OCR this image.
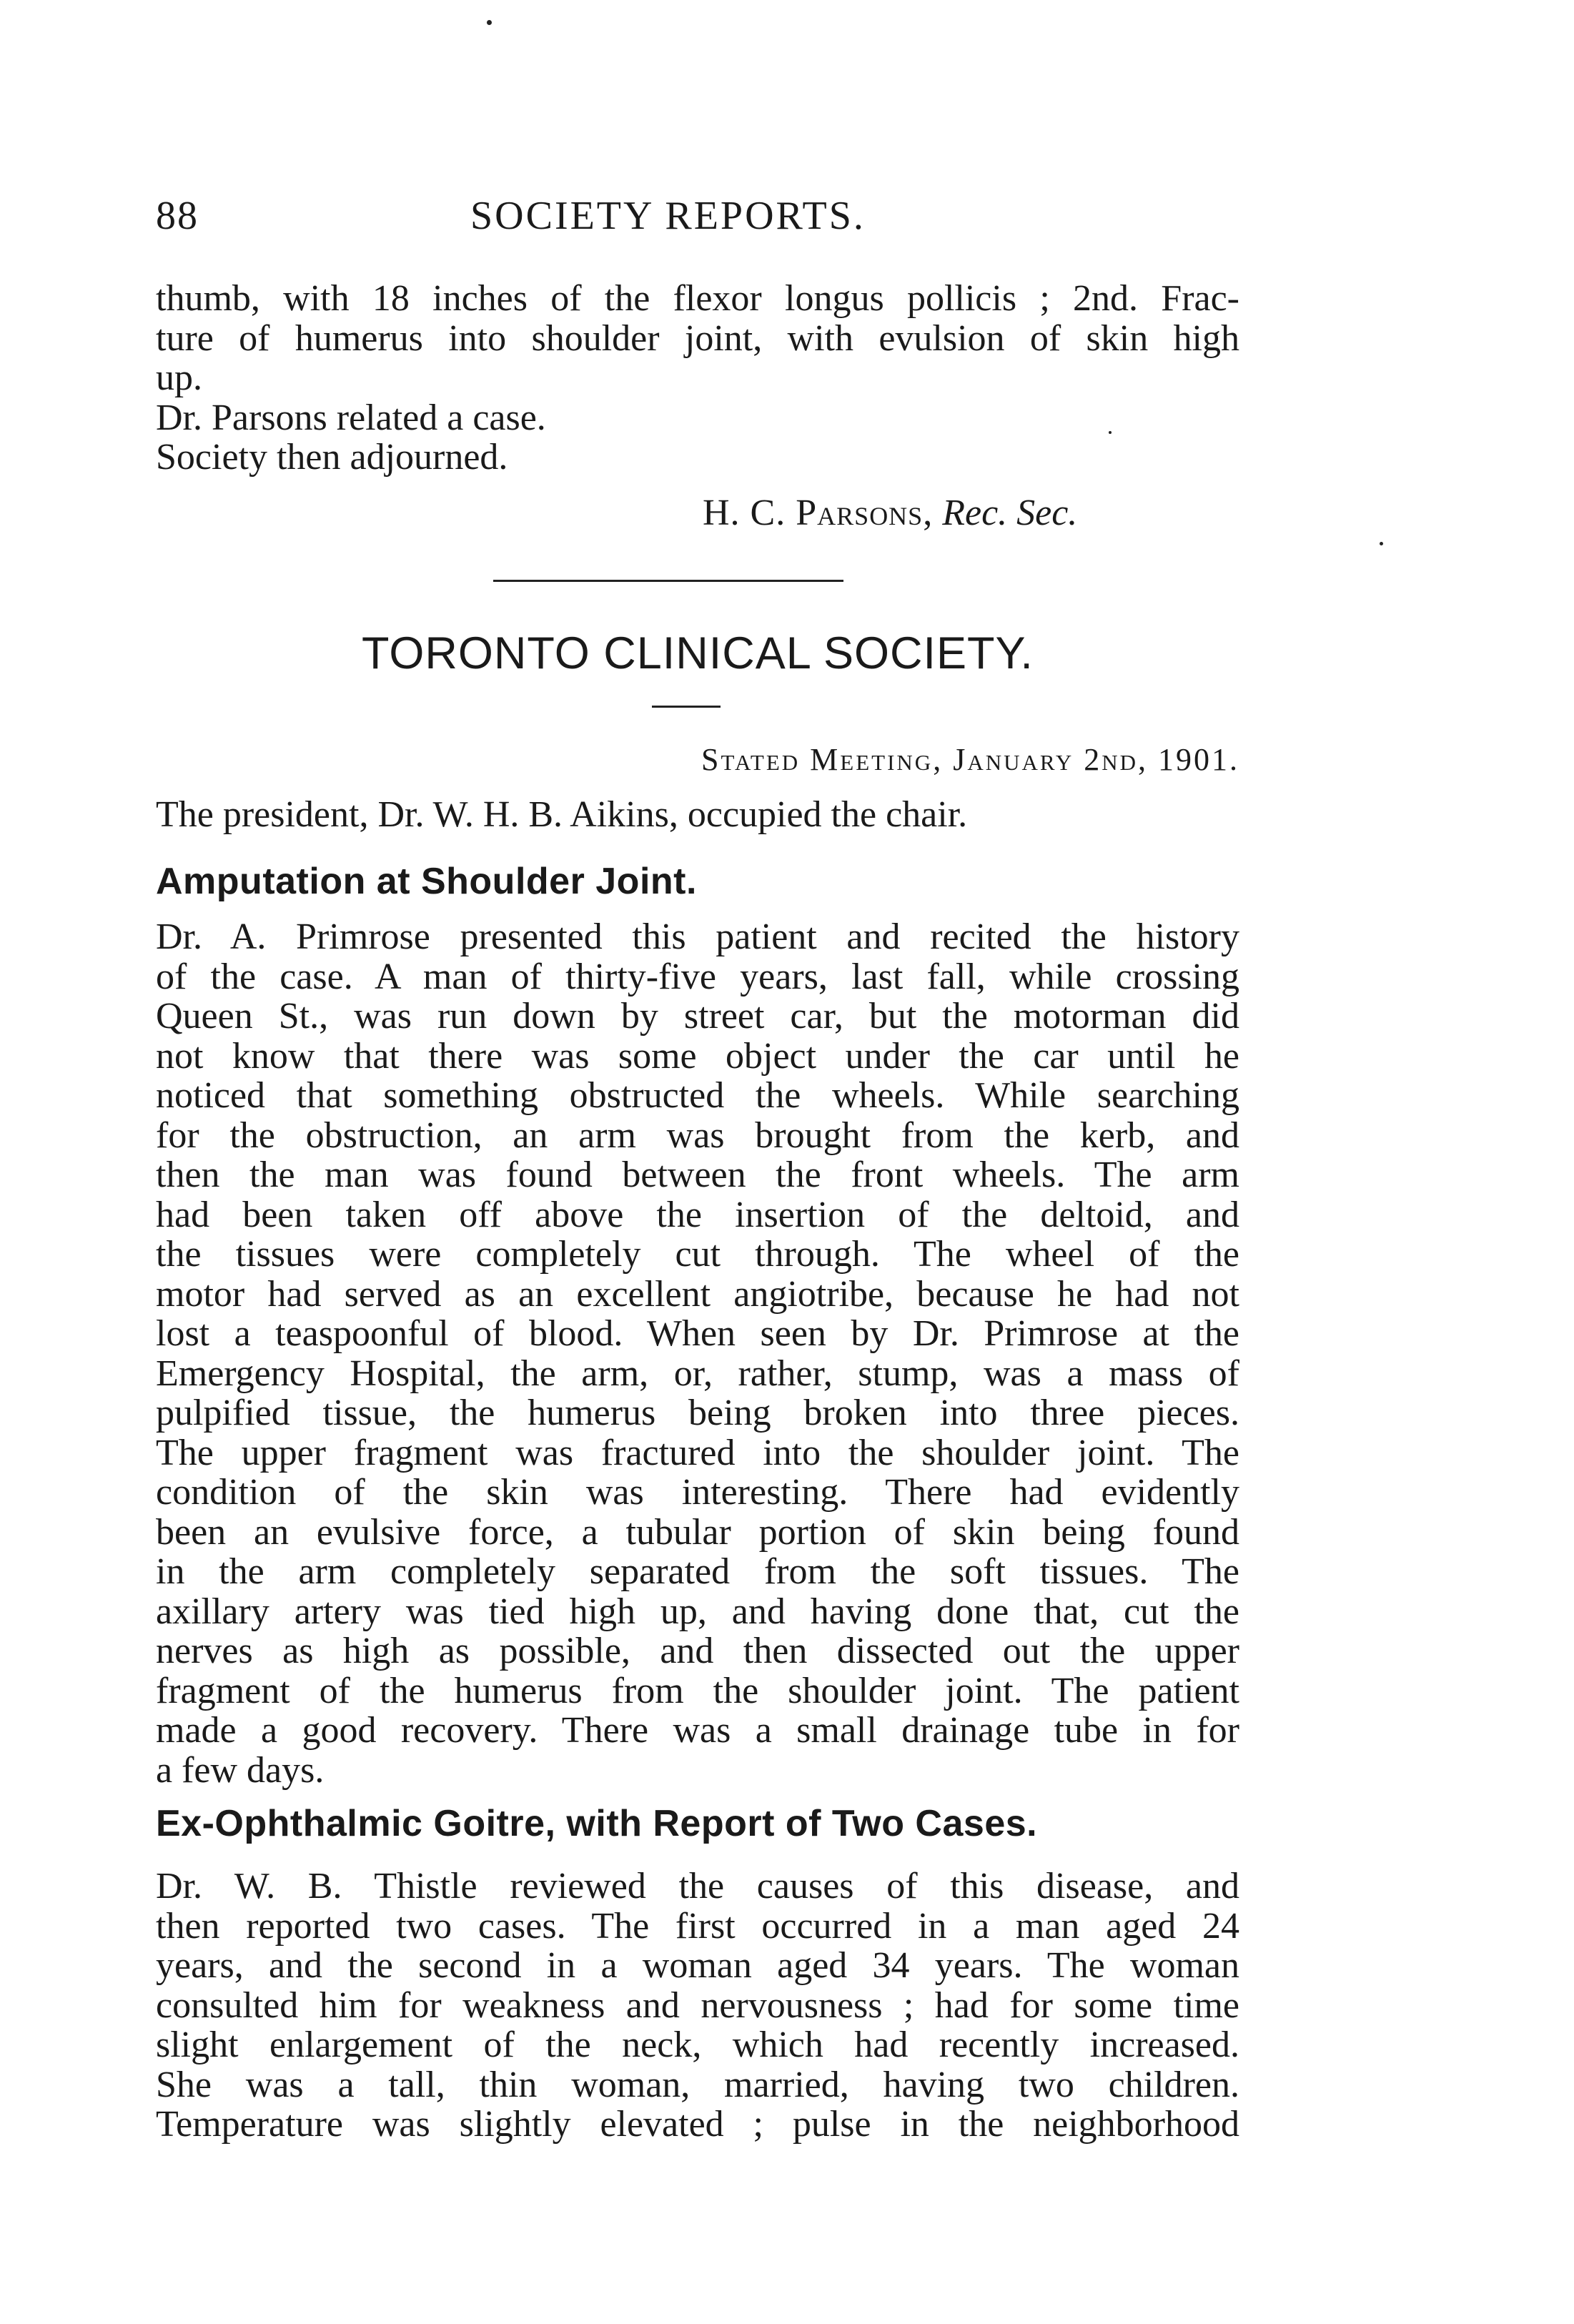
88	SOCIETY REPORTS.
thumb, with 18 inches of the flexor longus pollicis ; 2nd. Frac-
ture of humerus into shoulder joint, with evulsion of skin high
up.
Dr. Parsons related a case.
Society then adjourned.
H. C. Parsons, Rec. Sec.
TORONTO CLINICAL SOCIETY.
Stated Meeting, January 2nd, 1901.
The president, Dr. W. H. B. Aikins, occupied the chair.
Amputation at Shoulder Joint.
Dr. A. Primrose presented this patient and recited the history
of the case. A man of thirty-five years, last fall, while crossing
Queen St., was run down by street car, but the motorman did
not know that there was some object under the car until he
noticed that something obstructed the wheels. While searching
for the obstruction, an arm was brought from the kerb, and
then the man was found between the front wheels. The arm
had been taken off above the insertion of the deltoid, and
the tissues were completely cut through. The wheel of the
motor had served as an excellent angiotribe, because he had not
lost a teaspoonful of blood. When seen by Dr. Primrose at the
Emergency Hospital, the arm, or, rather, stump, was a mass of
pulpified tissue, the humerus being broken into three pieces.
The upper fragment was fractured into the shoulder joint. The
condition of the skin was interesting. There had evidently
been an evulsive force, a tubular portion of skin being found
in the arm completely separated from the soft tissues. The
axillary artery was tied high up, and having done that, cut the
nerves as high as possible, and then dissected out the upper
fragment of the humerus from the shoulder joint. The patient
made a good recovery. There was a small drainage tube in for
a few days.
Ex-Ophthalmic Goitre, with Report of Two Cases.
Dr. W. B. Thistle reviewed the causes of this disease, and
then reported two cases. The first occurred in a man aged 24
years, and the second in a woman aged 34 years. The woman
consulted him for weakness and nervousness ; had for some time
slight enlargement of the neck, which had recently increased.
She was a tall, thin woman, married, having two children.
Temperature was slightly elevated ; pulse in the neighborhood
